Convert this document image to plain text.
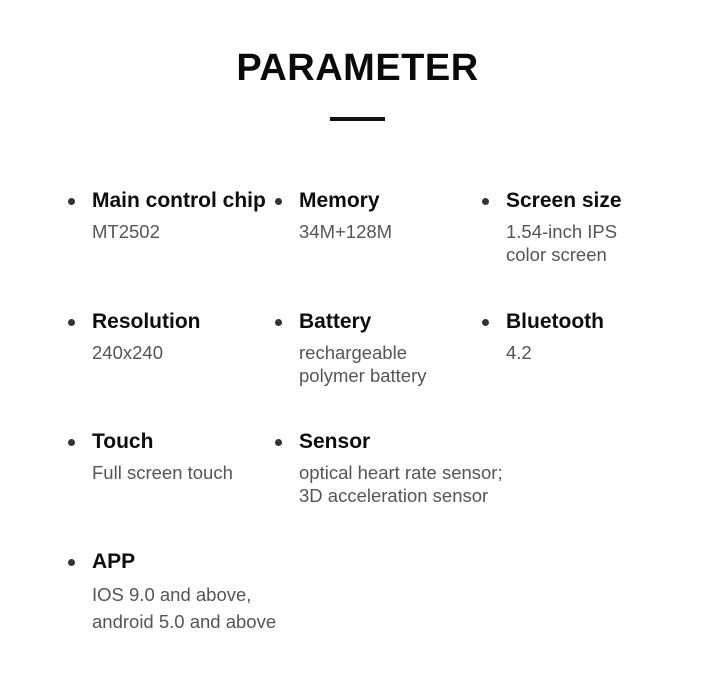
PARAMETER
Main control chip
MT2502
Memory
34M+128M
Screen size
1.54-inch IPS
color screen
Resolution
240x240
Battery
rechargeable
polymer battery
Bluetooth
4.2
Touch
Full screen touch
Sensor
optical heart rate sensor;
3D acceleration sensor
APP
IOS 9.0 and above,
android 5.0 and above
